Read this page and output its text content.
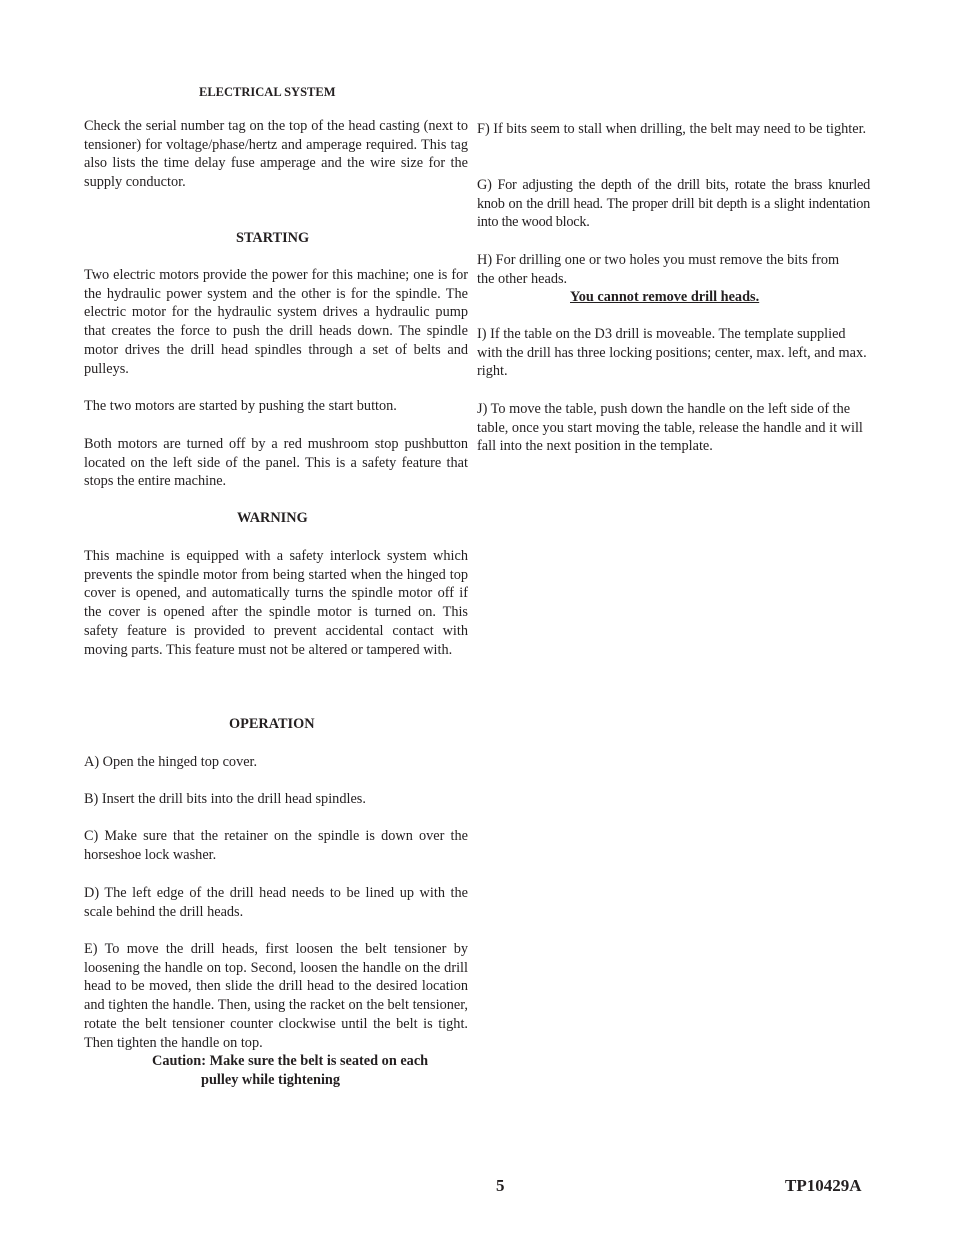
ELECTRICAL SYSTEM

Check the serial number tag on the top of the head casting (next to tensioner) for voltage/phase/hertz and amperage required. This tag also lists the time delay fuse amperage and the wire size for the supply conductor.

STARTING

Two electric motors provide the power for this machine; one is for the hydraulic power system and the other is for the spindle. The electric motor for the hydraulic system drives a hydraulic pump that creates the force to push the drill heads down. The spindle motor drives the drill head spindles through a set of belts and pulleys.

The two motors are started by pushing the start button.

Both motors are turned off by a red mushroom stop pushbutton located on the left side of the panel. This is a safety feature that stops the entire machine.

WARNING

This machine is equipped with a safety interlock system which prevents the spindle motor from being started when the hinged top cover is opened, and automatically turns the spindle motor off if the cover is opened after the spindle motor is turned on. This safety feature is provided to prevent accidental contact with moving parts. This feature must not be altered or tampered with.

OPERATION

A) Open the hinged top cover.

B) Insert the drill bits into the drill head spindles.

C) Make sure that the retainer on the spindle is down over the horseshoe lock washer.

D) The left edge of the drill head needs to be lined up with the scale behind the drill heads.

E) To move the drill heads, first loosen the belt tensioner by loosening the handle on top. Second, loosen the handle on the drill head to be moved, then slide the drill head to the desired location and tighten the handle. Then, using the racket on the belt tensioner, rotate the belt tensioner counter clockwise until the belt is tight. Then tighten the handle on top.

Caution: Make sure the belt is seated on each

pulley while tightening

F) If bits seem to stall when drilling, the belt may need to be tighter.

G) For adjusting the depth of the drill bits, rotate the brass knurled knob on the drill head. The proper drill bit depth is a slight indentation into the wood block.

H) For drilling one or two holes you must remove the bits from the other heads.

You cannot remove drill heads.

I) If the table on the D3 drill is moveable. The template supplied with the drill has three locking positions; center, max. left, and max. right.

J) To move the table, push down the handle on the left side of the table, once you start moving the table, release the handle and it will fall into the next position in the template.

5	TP10429A
